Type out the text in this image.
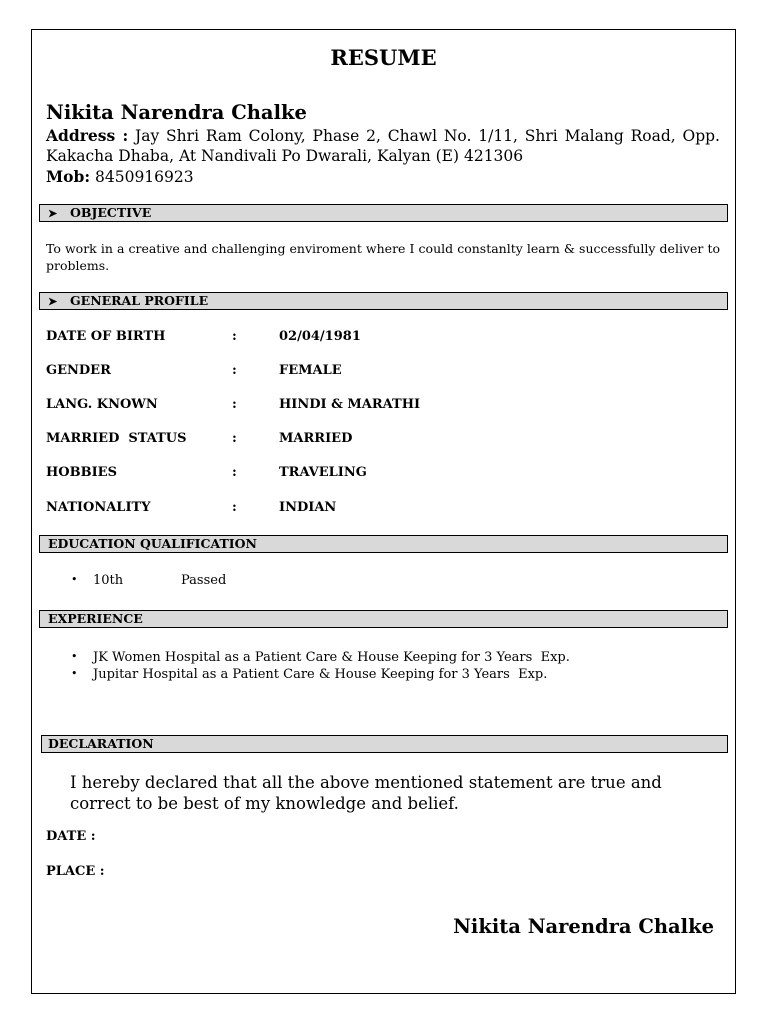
RESUME
Nikita Narendra Chalke
Address : Jay Shri Ram Colony, Phase 2, Chawl No. 1/11, Shri Malang Road, Opp. Kakacha Dhaba, At Nandivali Po Dwarali, Kalyan (E) 421306
Mob: 8450916923
➤ OBJECTIVE
To work in a creative and challenging enviroment where I could constanlty learn & successfully deliver to problems.
➤ GENERAL PROFILE
DATE OF BIRTH	:	02/04/1981
GENDER	:	FEMALE
LANG. KNOWN	:	HINDI & MARATHI
MARRIED  STATUS	:	MARRIED
HOBBIES	:	TRAVELING
NATIONALITY	:	INDIAN
EDUCATION QUALIFICATION
• 10th              Passed
EXPERIENCE
• JK Women Hospital as a Patient Care & House Keeping for 3 Years  Exp.
• Jupitar Hospital as a Patient Care & House Keeping for 3 Years  Exp.
DECLARATION
I hereby declared that all the above mentioned statement are true and correct to be best of my knowledge and belief.
DATE :
PLACE :
Nikita Narendra Chalke
